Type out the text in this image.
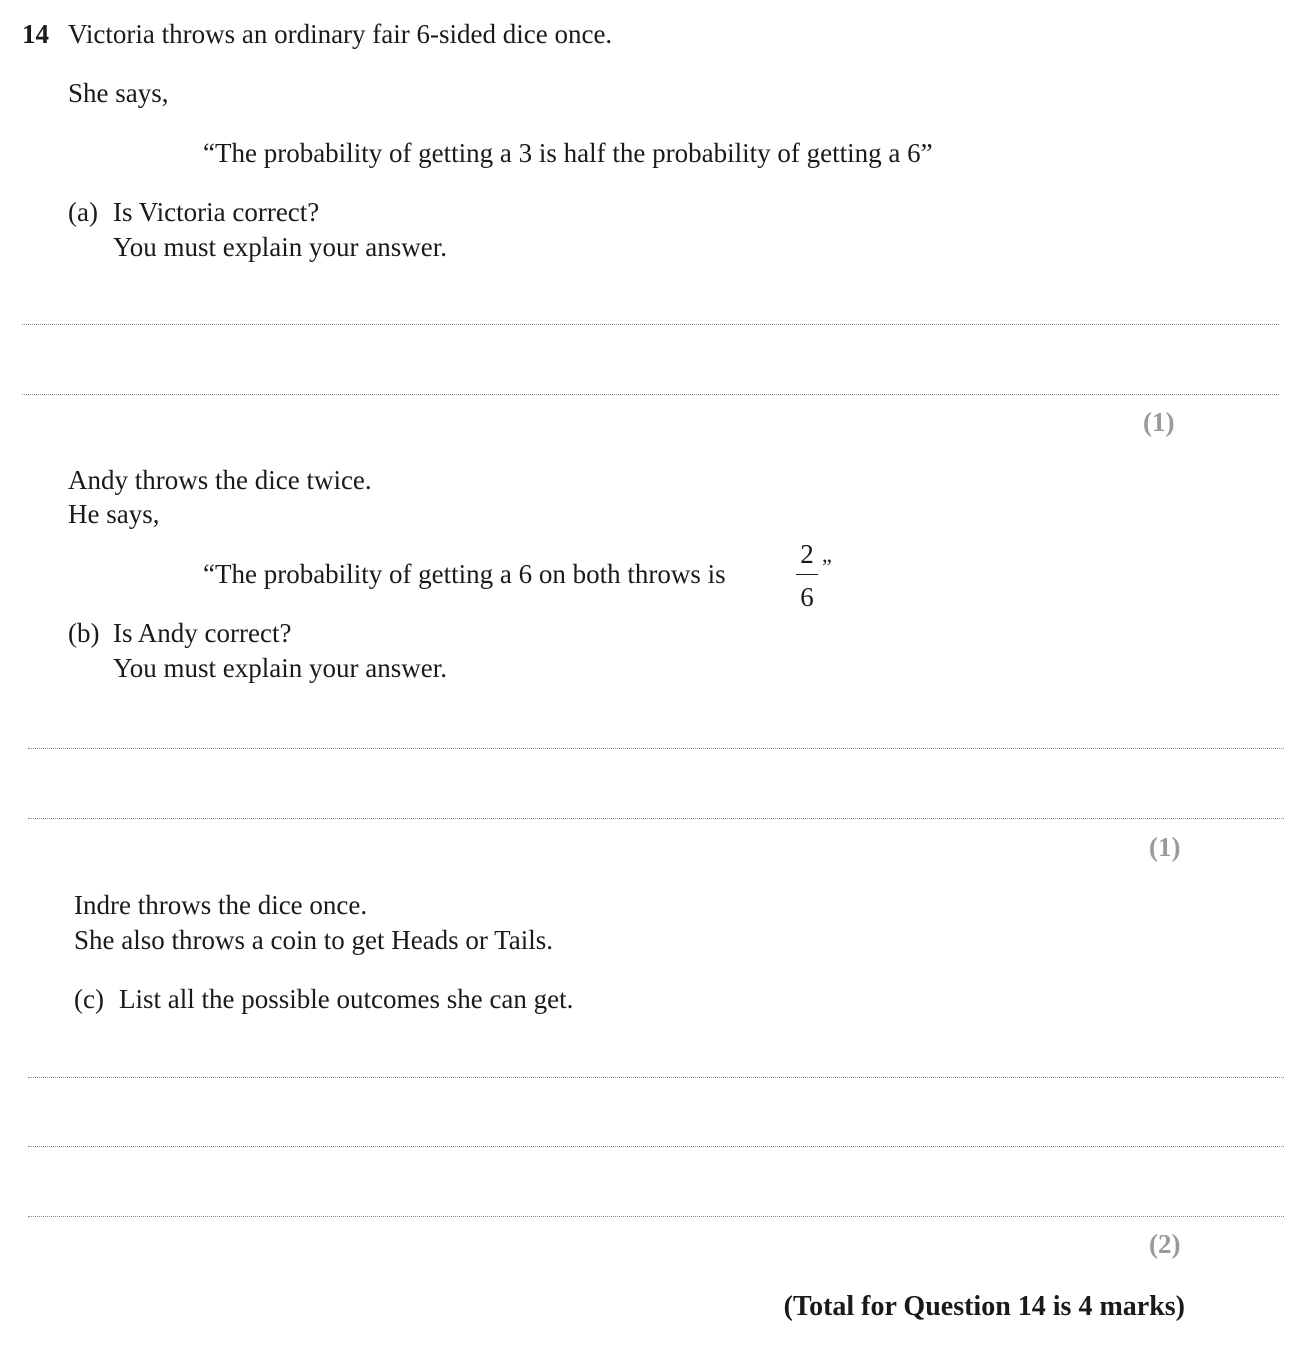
14 Victoria throws an ordinary fair 6-sided dice once.
She says,
“The probability of getting a 3 is half the probability of getting a 6”
(a) Is Victoria correct?
You must explain your answer.
(1)
Andy throws the dice twice.
He says,
“The probability of getting a 6 on both throws is
2
6
”
(b) Is Andy correct?
You must explain your answer.
(1)
Indre throws the dice once.
She also throws a coin to get Heads or Tails.
(c) List all the possible outcomes she can get.
(2)
(Total for Question 14 is 4 marks)
